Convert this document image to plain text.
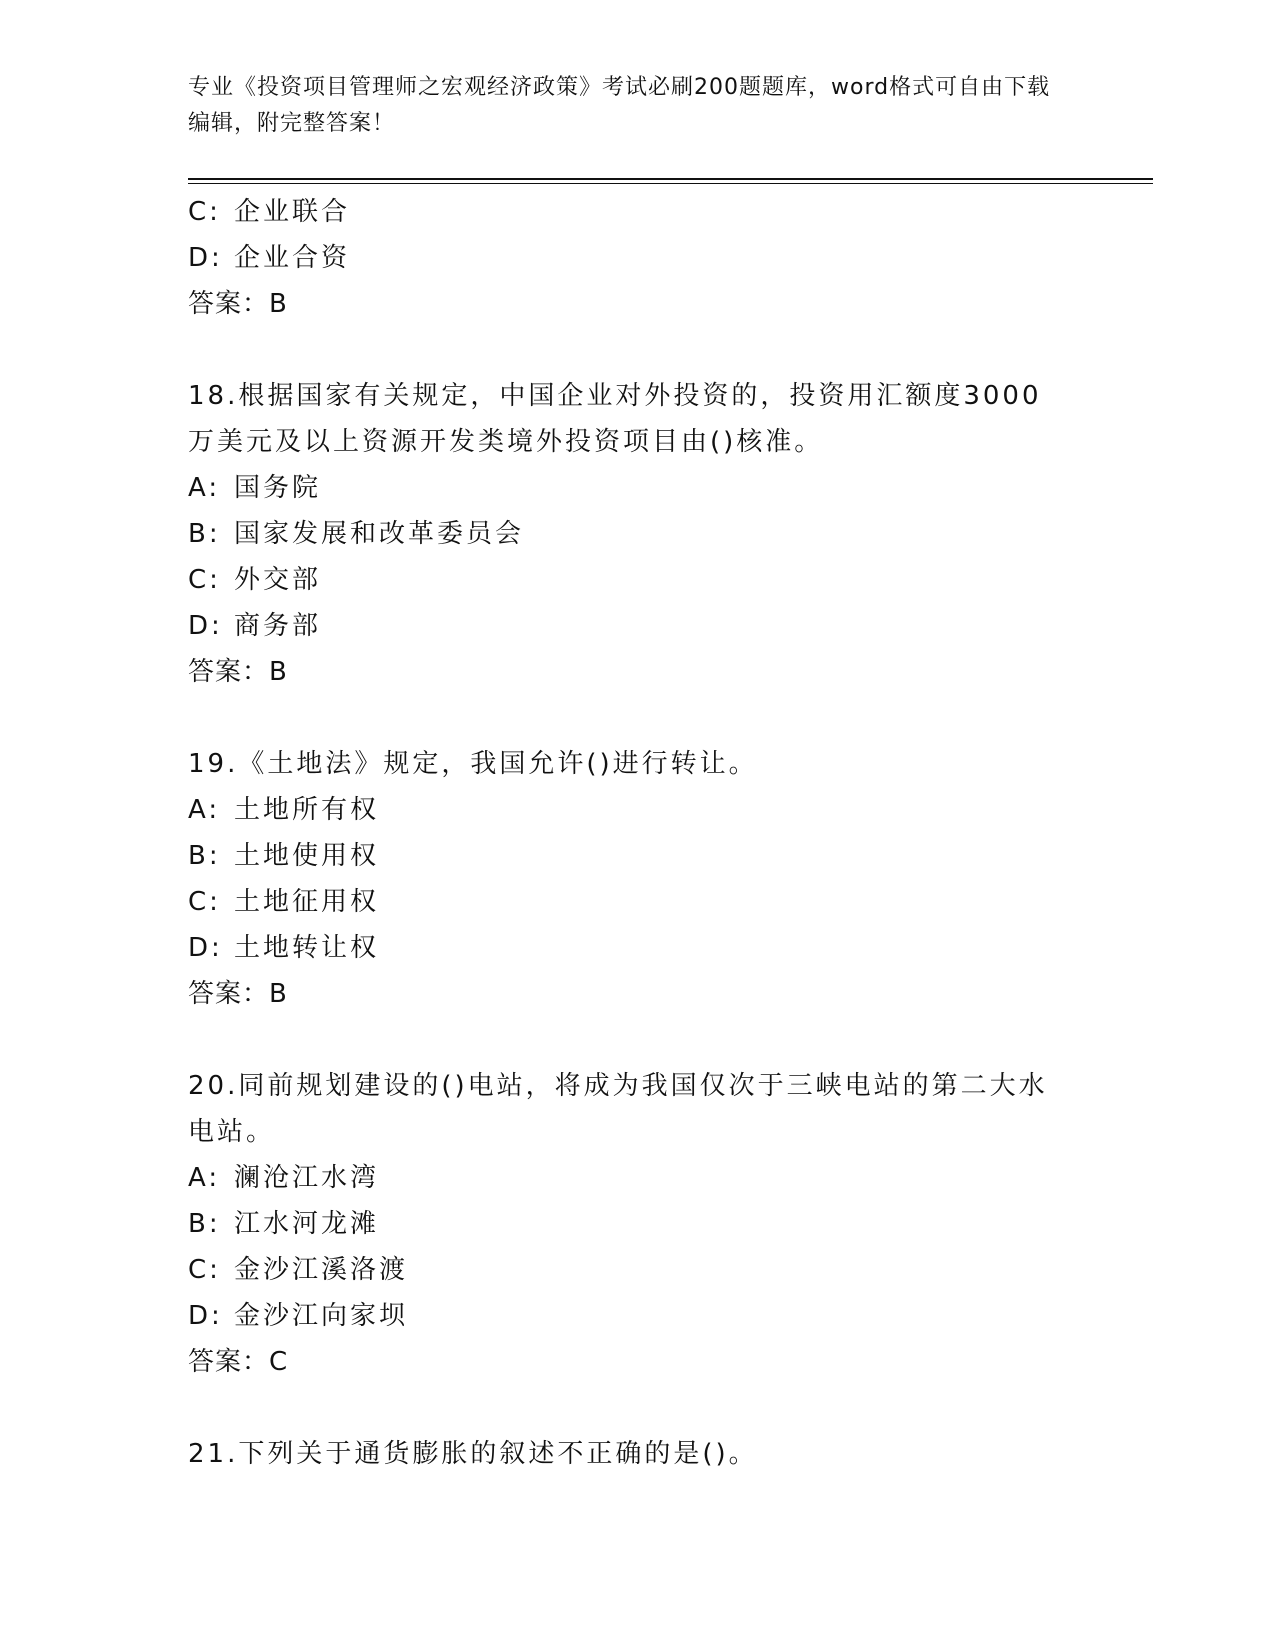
专业《投资项目管理师之宏观经济政策》考试必刷200题题库，word格式可自由下载编辑，附完整答案！
C: 企业联合
D: 企业合资
答案：B
18.根据国家有关规定，中国企业对外投资的，投资用汇额度3000万美元及以上资源开发类境外投资项目由()核准。
A: 国务院
B: 国家发展和改革委员会
C: 外交部
D: 商务部
答案：B
19.《土地法》规定，我国允许()进行转让。
A: 土地所有权
B: 土地使用权
C: 土地征用权
D: 土地转让权
答案：B
20.同前规划建设的()电站，将成为我国仅次于三峡电站的第二大水电站。
A: 澜沧江水湾
B: 江水河龙滩
C: 金沙江溪洛渡
D: 金沙江向家坝
答案：C
21.下列关于通货膨胀的叙述不正确的是()。
